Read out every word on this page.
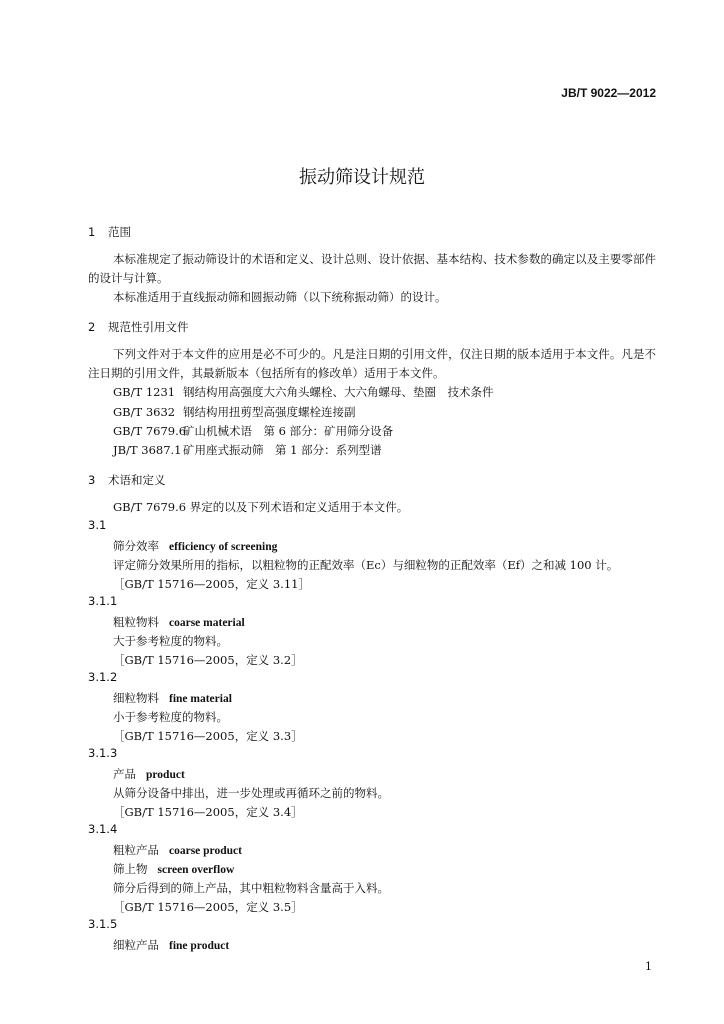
JB/T 9022—2012
振动筛设计规范
1 范围
本标准规定了振动筛设计的术语和定义、设计总则、设计依据、基本结构、技术参数的确定以及主要零部件的设计与计算。
本标准适用于直线振动筛和圆振动筛（以下统称振动筛）的设计。
2 规范性引用文件
下列文件对于本文件的应用是必不可少的。凡是注日期的引用文件，仅注日期的版本适用于本文件。凡是不注日期的引用文件，其最新版本（包括所有的修改单）适用于本文件。
GB/T 1231 钢结构用高强度大六角头螺栓、大六角螺母、垫圈　技术条件
GB/T 3632 钢结构用扭剪型高强度螺栓连接副
GB/T 7679.6矿山机械术语　第 6 部分：矿用筛分设备
JB/T 3687.1矿用座式振动筛　第 1 部分：系列型谱
3 术语和定义
GB/T 7679.6 界定的以及下列术语和定义适用于本文件。
3.1
筛分效率 efficiency of screening
评定筛分效果所用的指标，以粗粒物的正配效率（Ec）与细粒物的正配效率（Ef）之和减 100 计。
［GB/T 15716—2005，定义 3.11］
3.1.1
粗粒物料 coarse material
大于参考粒度的物料。
［GB/T 15716—2005，定义 3.2］
3.1.2
细粒物料 fine material
小于参考粒度的物料。
［GB/T 15716—2005，定义 3.3］
3.1.3
产品 product
从筛分设备中排出，进一步处理或再循环之前的物料。
［GB/T 15716—2005，定义 3.4］
3.1.4
粗粒产品 coarse product
筛上物 screen overflow
筛分后得到的筛上产品，其中粗粒物料含量高于入料。
［GB/T 15716—2005，定义 3.5］
3.1.5
细粒产品 fine product
1
